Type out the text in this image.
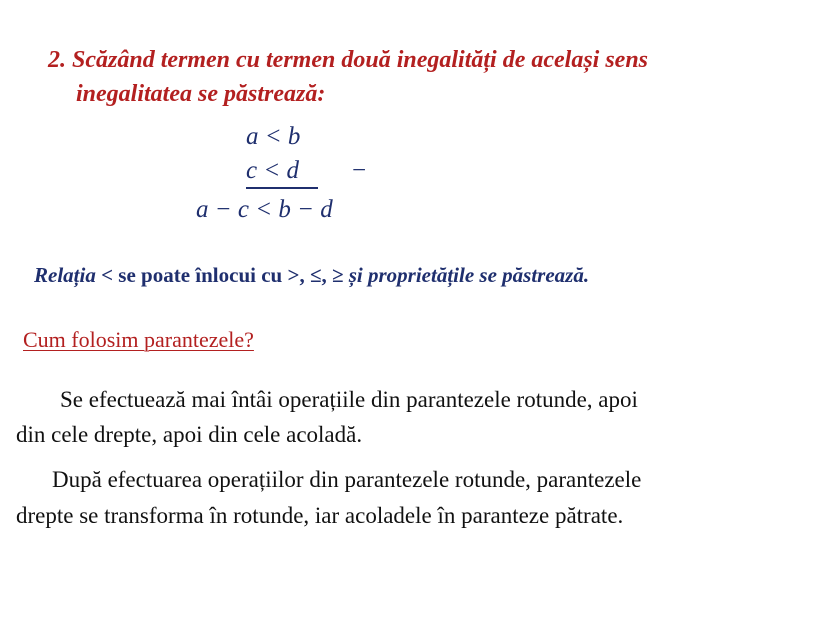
2. Scăzând termen cu termen două inegalități de același sens
inegalitatea se păstrează:
a < b
c < d −
a − c < b − d
Relația < se poate înlocui cu >, ≤, ≥ și proprietățile se păstrează.
Cum folosim parantezele?
Se efectuează mai întâi operațiile din parantezele rotunde, apoi
din cele drepte, apoi din cele acoladă.
După efectuarea operațiilor din parantezele rotunde, parantezele
drepte se transforma în rotunde, iar acoladele în paranteze pătrate.
